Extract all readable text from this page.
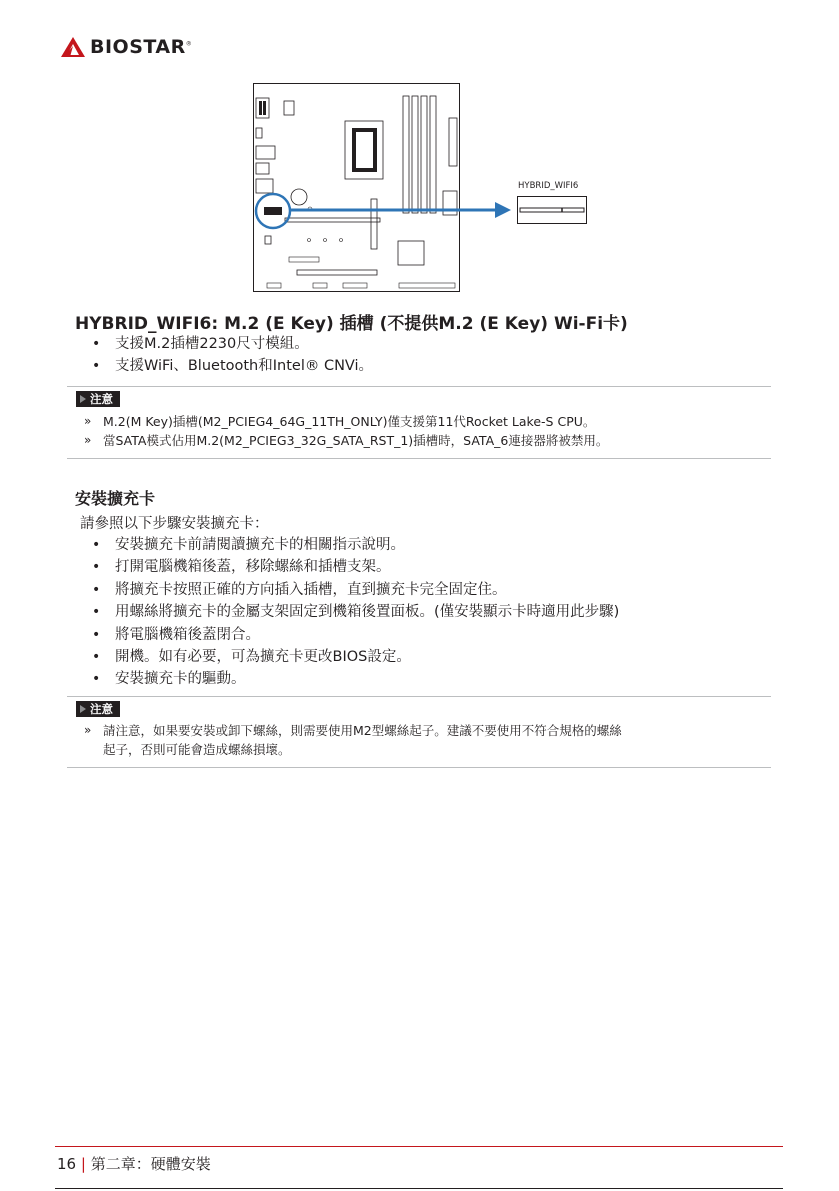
BIOSTAR®
HYBRID_WIFI6
HYBRID_WIFI6: M.2 (E Key) 插槽 (不提供M.2 (E Key) Wi-Fi卡)
• 支援M.2插槽2230尺寸模組。
• 支援WiFi、Bluetooth和Intel® CNVi。
注意
» M.2(M Key)插槽(M2_PCIEG4_64G_11TH_ONLY)僅支援第11代Rocket Lake-S CPU。
» 當SATA模式佔用M.2(M2_PCIEG3_32G_SATA_RST_1)插槽時，SATA_6連接器將被禁用。
安裝擴充卡
請參照以下步驟安裝擴充卡：
• 安裝擴充卡前請閱讀擴充卡的相關指示說明。
• 打開電腦機箱後蓋，移除螺絲和插槽支架。
• 將擴充卡按照正確的方向插入插槽，直到擴充卡完全固定住。
• 用螺絲將擴充卡的金屬支架固定到機箱後置面板。(僅安裝顯示卡時適用此步驟)
• 將電腦機箱後蓋閉合。
• 開機。如有必要，可為擴充卡更改BIOS設定。
• 安裝擴充卡的驅動。
注意
» 請注意，如果要安裝或卸下螺絲，則需要使用M2型螺絲起子。建議不要使用不符合規格的螺絲
起子，否則可能會造成螺絲損壞。
16 | 第二章：硬體安裝
